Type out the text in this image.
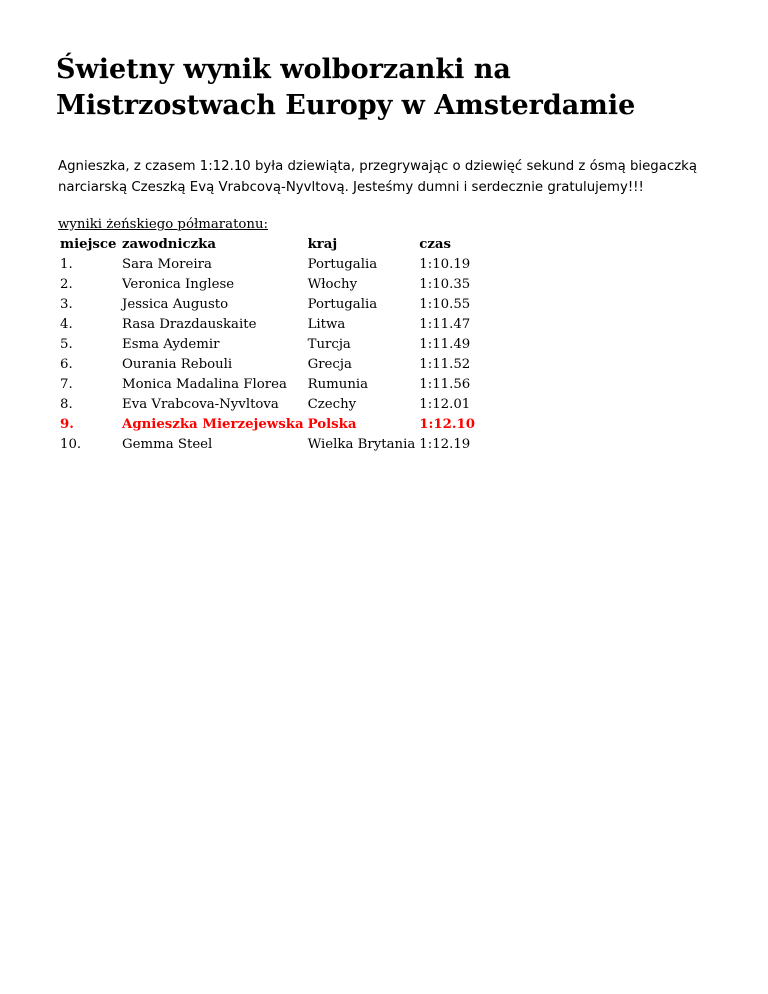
Świetny wynik wolborzanki na Mistrzostwach Europy w Amsterdamie

Agnieszka, z czasem 1:12.10 była dziewiąta, przegrywając o dziewięć sekund z ósmą biegaczką narciarską Czeszką Evą Vrabcovą-Nyvltovą. Jesteśmy dumni i serdecznie gratulujemy!!!

wyniki żeńskiego półmaratonu:
miejsce	zawodniczka	kraj	czas
1.	Sara Moreira	Portugalia	1:10.19
2.	Veronica Inglese	Włochy	1:10.35
3.	Jessica Augusto	Portugalia	1:10.55
4.	Rasa Drazdauskaite	Litwa	1:11.47
5.	Esma Aydemir	Turcja	1:11.49
6.	Ourania Rebouli	Grecja	1:11.52
7.	Monica Madalina Florea	Rumunia	1:11.56
8.	Eva Vrabcova-Nyvltova	Czechy	1:12.01
9.	Agnieszka Mierzejewska	Polska	1:12.10
10.	Gemma Steel	Wielka Brytania	1:12.19
